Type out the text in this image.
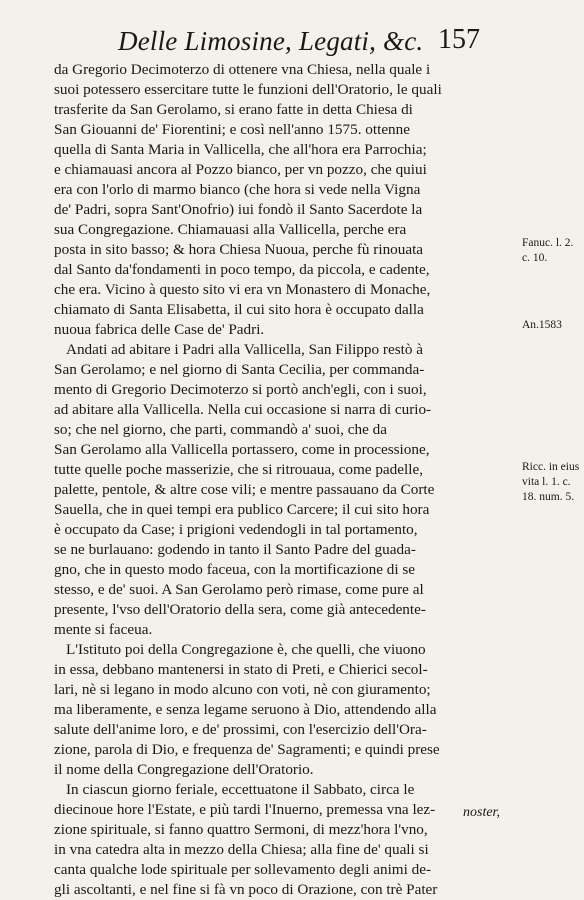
Delle Limosine, Legati, &c. 157
da Gregorio Decimoterzo di ottenere vna Chiesa, nella quale i
suoi potessero essercitare tutte le funzioni dell'Oratorio, le quali
trasferite da San Gerolamo, si erano fatte in detta Chiesa di
San Giouanni de' Fiorentini; e così nell'anno 1575. ottenne
quella di Santa Maria in Vallicella, che all'hora era Parrochia;
e chiamauasi ancora al Pozzo bianco, per vn pozzo, che quiui
era con l'orlo di marmo bianco (che hora si vede nella Vigna
de' Padri, sopra Sant'Onofrio) iui fondò il Santo Sacerdote la
sua Congregazione. Chiamauasi alla Vallicella, perche era
posta in sito basso; & hora Chiesa Nuoua, perche fù rinouata
dal Santo da'fondamenti in poco tempo, da piccola, e cadente,
che era. Vicino à questo sito vi era vn Monastero di Monache,
chiamato di Santa Elisabetta, il cui sito hora è occupato dalla
nuoua fabrica delle Case de' Padri.
Andati ad abitare i Padri alla Vallicella, San Filippo restò à
San Gerolamo; e nel giorno di Santa Cecilia, per commanda-
mento di Gregorio Decimoterzo si portò anch'egli, con i suoi,
ad abitare alla Vallicella. Nella cui occasione si narra di curio-
so; che nel giorno, che parti, commandò a' suoi, che da
San Gerolamo alla Vallicella portassero, come in processione,
tutte quelle poche masserizie, che si ritrouaua, come padelle,
palette, pentole, & altre cose vili; e mentre passauano da Corte
Sauella, che in quei tempi era publico Carcere; il cui sito hora
è occupato da Case; i prigioni vedendogli in tal portamento,
se ne burlauano: godendo in tanto il Santo Padre del guada-
gno, che in questo modo faceua, con la mortificazione di se
stesso, e de' suoi. A San Gerolamo però rimase, come pure al
presente, l'vso dell'Oratorio della sera, come già antecedente-
mente si faceua.
L'Istituto poi della Congregazione è, che quelli, che viuono
in essa, debbano mantenersi in stato di Preti, e Chierici secol-
lari, nè si legano in modo alcuno con voti, nè con giuramento;
ma liberamente, e senza legame seruono à Dio, attendendo alla
salute dell'anime loro, e de' prossimi, con l'esercizio dell'Ora-
zione, parola di Dio, e frequenza de' Sagramenti; e quindi prese
il nome della Congregazione dell'Oratorio.
In ciascun giorno feriale, eccettuatone il Sabbato, circa le
diecinoue hore l'Estate, e più tardi l'Inuerno, premessa vna lez-
zione spirituale, si fanno quattro Sermoni, di mezz'hora l'vno,
in vna catedra alta in mezzo della Chiesa; alla fine de' quali si
canta qualche lode spirituale per sollevamento degli animi de-
gli ascoltanti, e nel fine si fà vn poco di Orazione, con trè Pater
Fanuc. l. 2. c. 10.
An.1583
Ricc. in eius vita l. 1. c. 18. num. 5.
noster,
